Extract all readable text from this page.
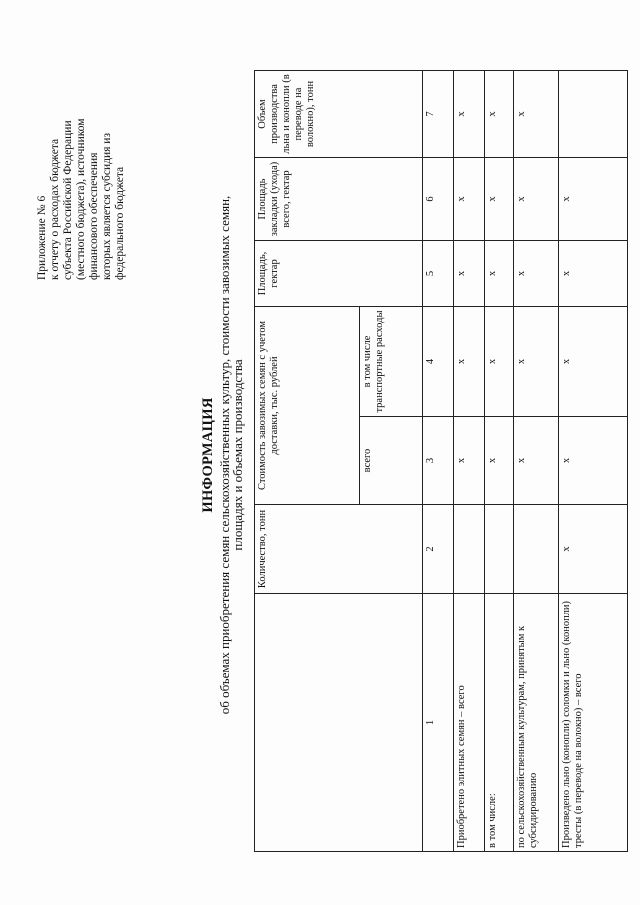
Приложение № 6 к отчету о расходах бюджета субъекта Российской Федерации (местного бюджета), источником финансового обеспечения которых является субсидия из федерального бюджета
ИНФОРМАЦИЯ об объемах приобретения семян сельскохозяйственных культур, стоимости завозимых семян,
площадях и объемах производства
	Количество, тонн	Стоимость завозимых семян с учетом доставки, тыс. рублей		Площадь, гектар	Площадь закладки (ухода) всего, гектар	Объем производства льна и конопли (в переводе на волокно), тонн
		всего	в том числе транспортные расходы			
1	2	3	4	5	6	7
Приобретено элитных семян – всего		x	x	x	x	x
в том числе:		x	x	x	x	x
по сельскохозяйственным культурам, принятым к субсидированию		x	x	x	x	x
Произведено льно (конопли) соломки и льно (конопли) тресты (в переводе на волокно) – всего	x	x	x	x	x	
